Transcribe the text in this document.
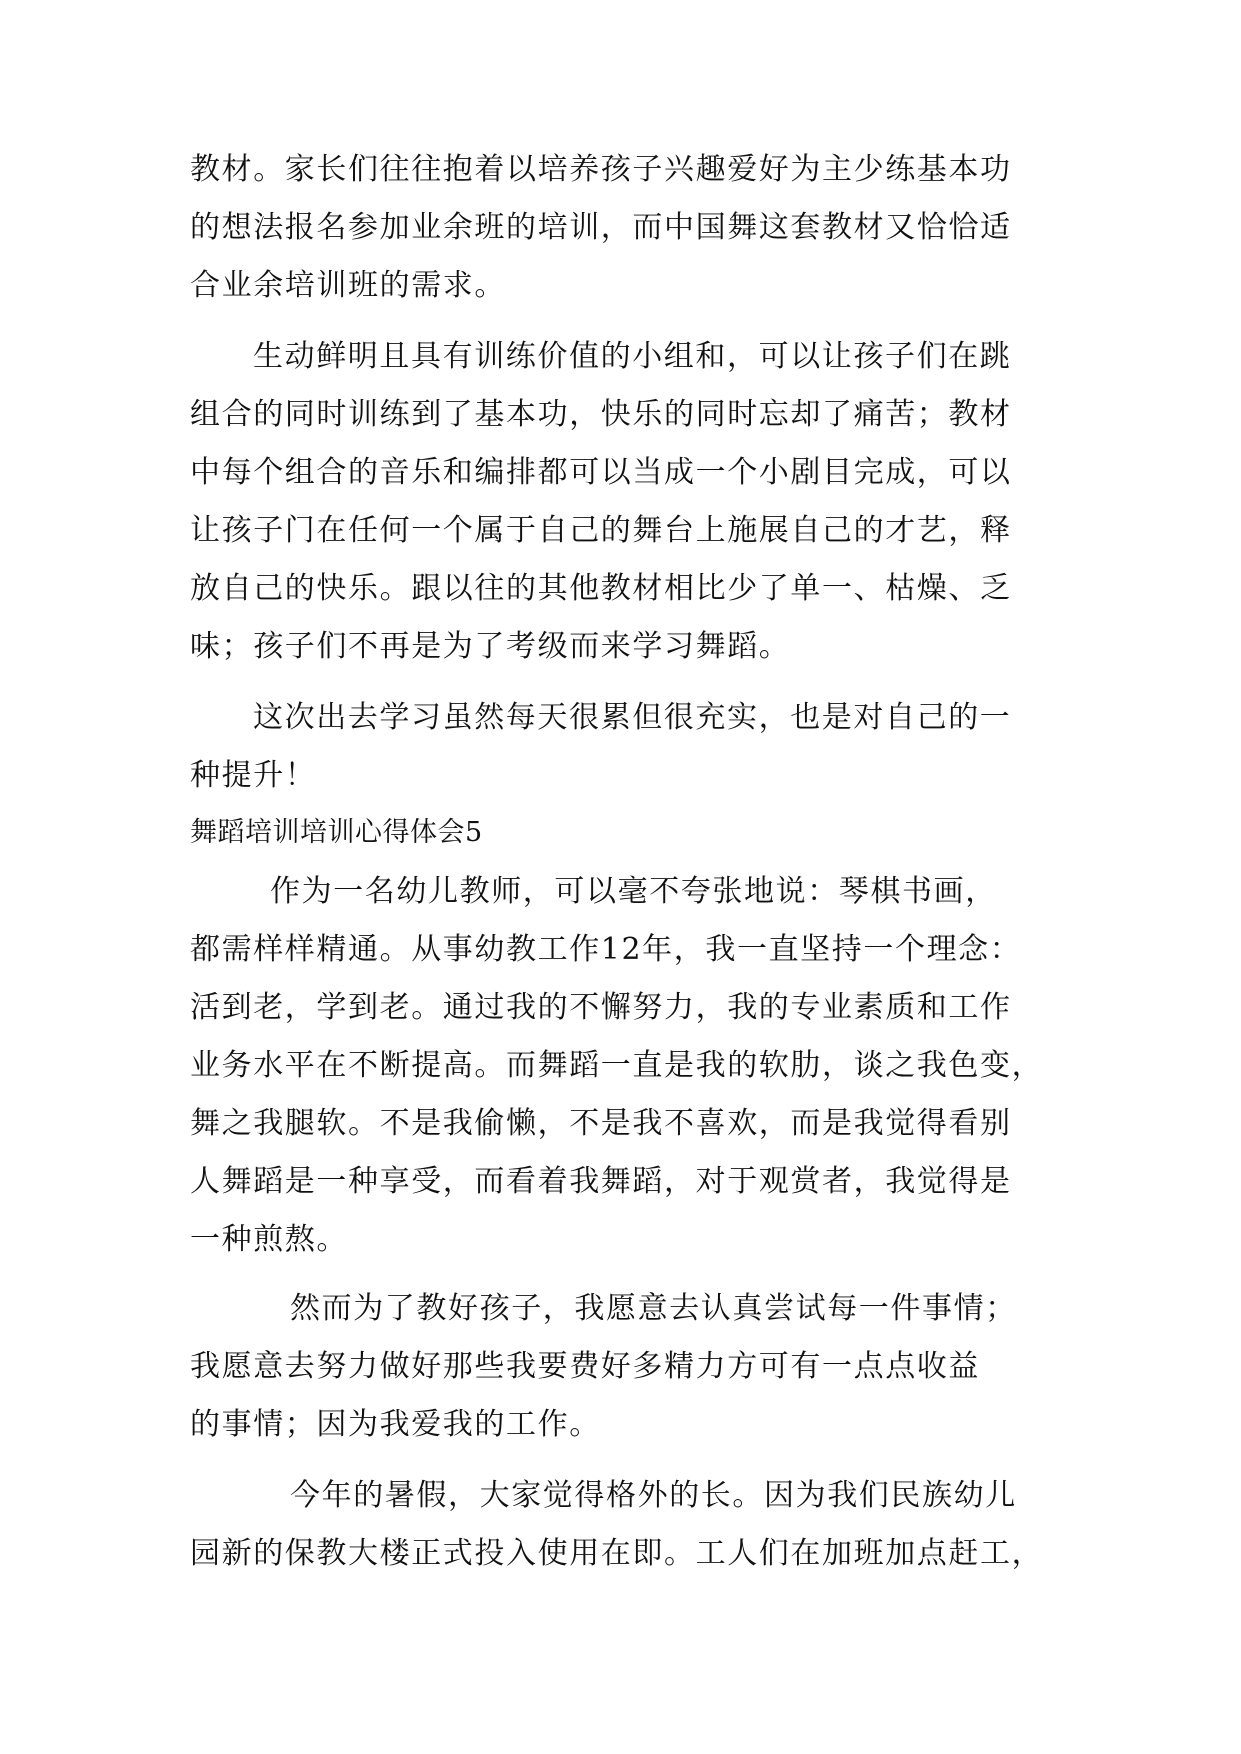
教材。家长们往往抱着以培养孩子兴趣爱好为主少练基本功
的想法报名参加业余班的培训，而中国舞这套教材又恰恰适
合业余培训班的需求。
生动鲜明且具有训练价值的小组和，可以让孩子们在跳
组合的同时训练到了基本功，快乐的同时忘却了痛苦；教材
中每个组合的音乐和编排都可以当成一个小剧目完成，可以
让孩子门在任何一个属于自己的舞台上施展自己的才艺，释
放自己的快乐。跟以往的其他教材相比少了单一、枯燥、乏
味；孩子们不再是为了考级而来学习舞蹈。
这次出去学习虽然每天很累但很充实，也是对自己的一
种提升！
舞蹈培训培训心得体会5
作为一名幼儿教师，可以毫不夸张地说：琴棋书画，
都需样样精通。从事幼教工作12年，我一直坚持一个理念：
活到老，学到老。通过我的不懈努力，我的专业素质和工作
业务水平在不断提高。而舞蹈一直是我的软肋，谈之我色变，
舞之我腿软。不是我偷懒，不是我不喜欢，而是我觉得看别
人舞蹈是一种享受，而看着我舞蹈，对于观赏者，我觉得是
一种煎熬。
然而为了教好孩子，我愿意去认真尝试每一件事情；
我愿意去努力做好那些我要费好多精力方可有一点点收益
的事情；因为我爱我的工作。
今年的暑假，大家觉得格外的长。因为我们民族幼儿
园新的保教大楼正式投入使用在即。工人们在加班加点赶工，
